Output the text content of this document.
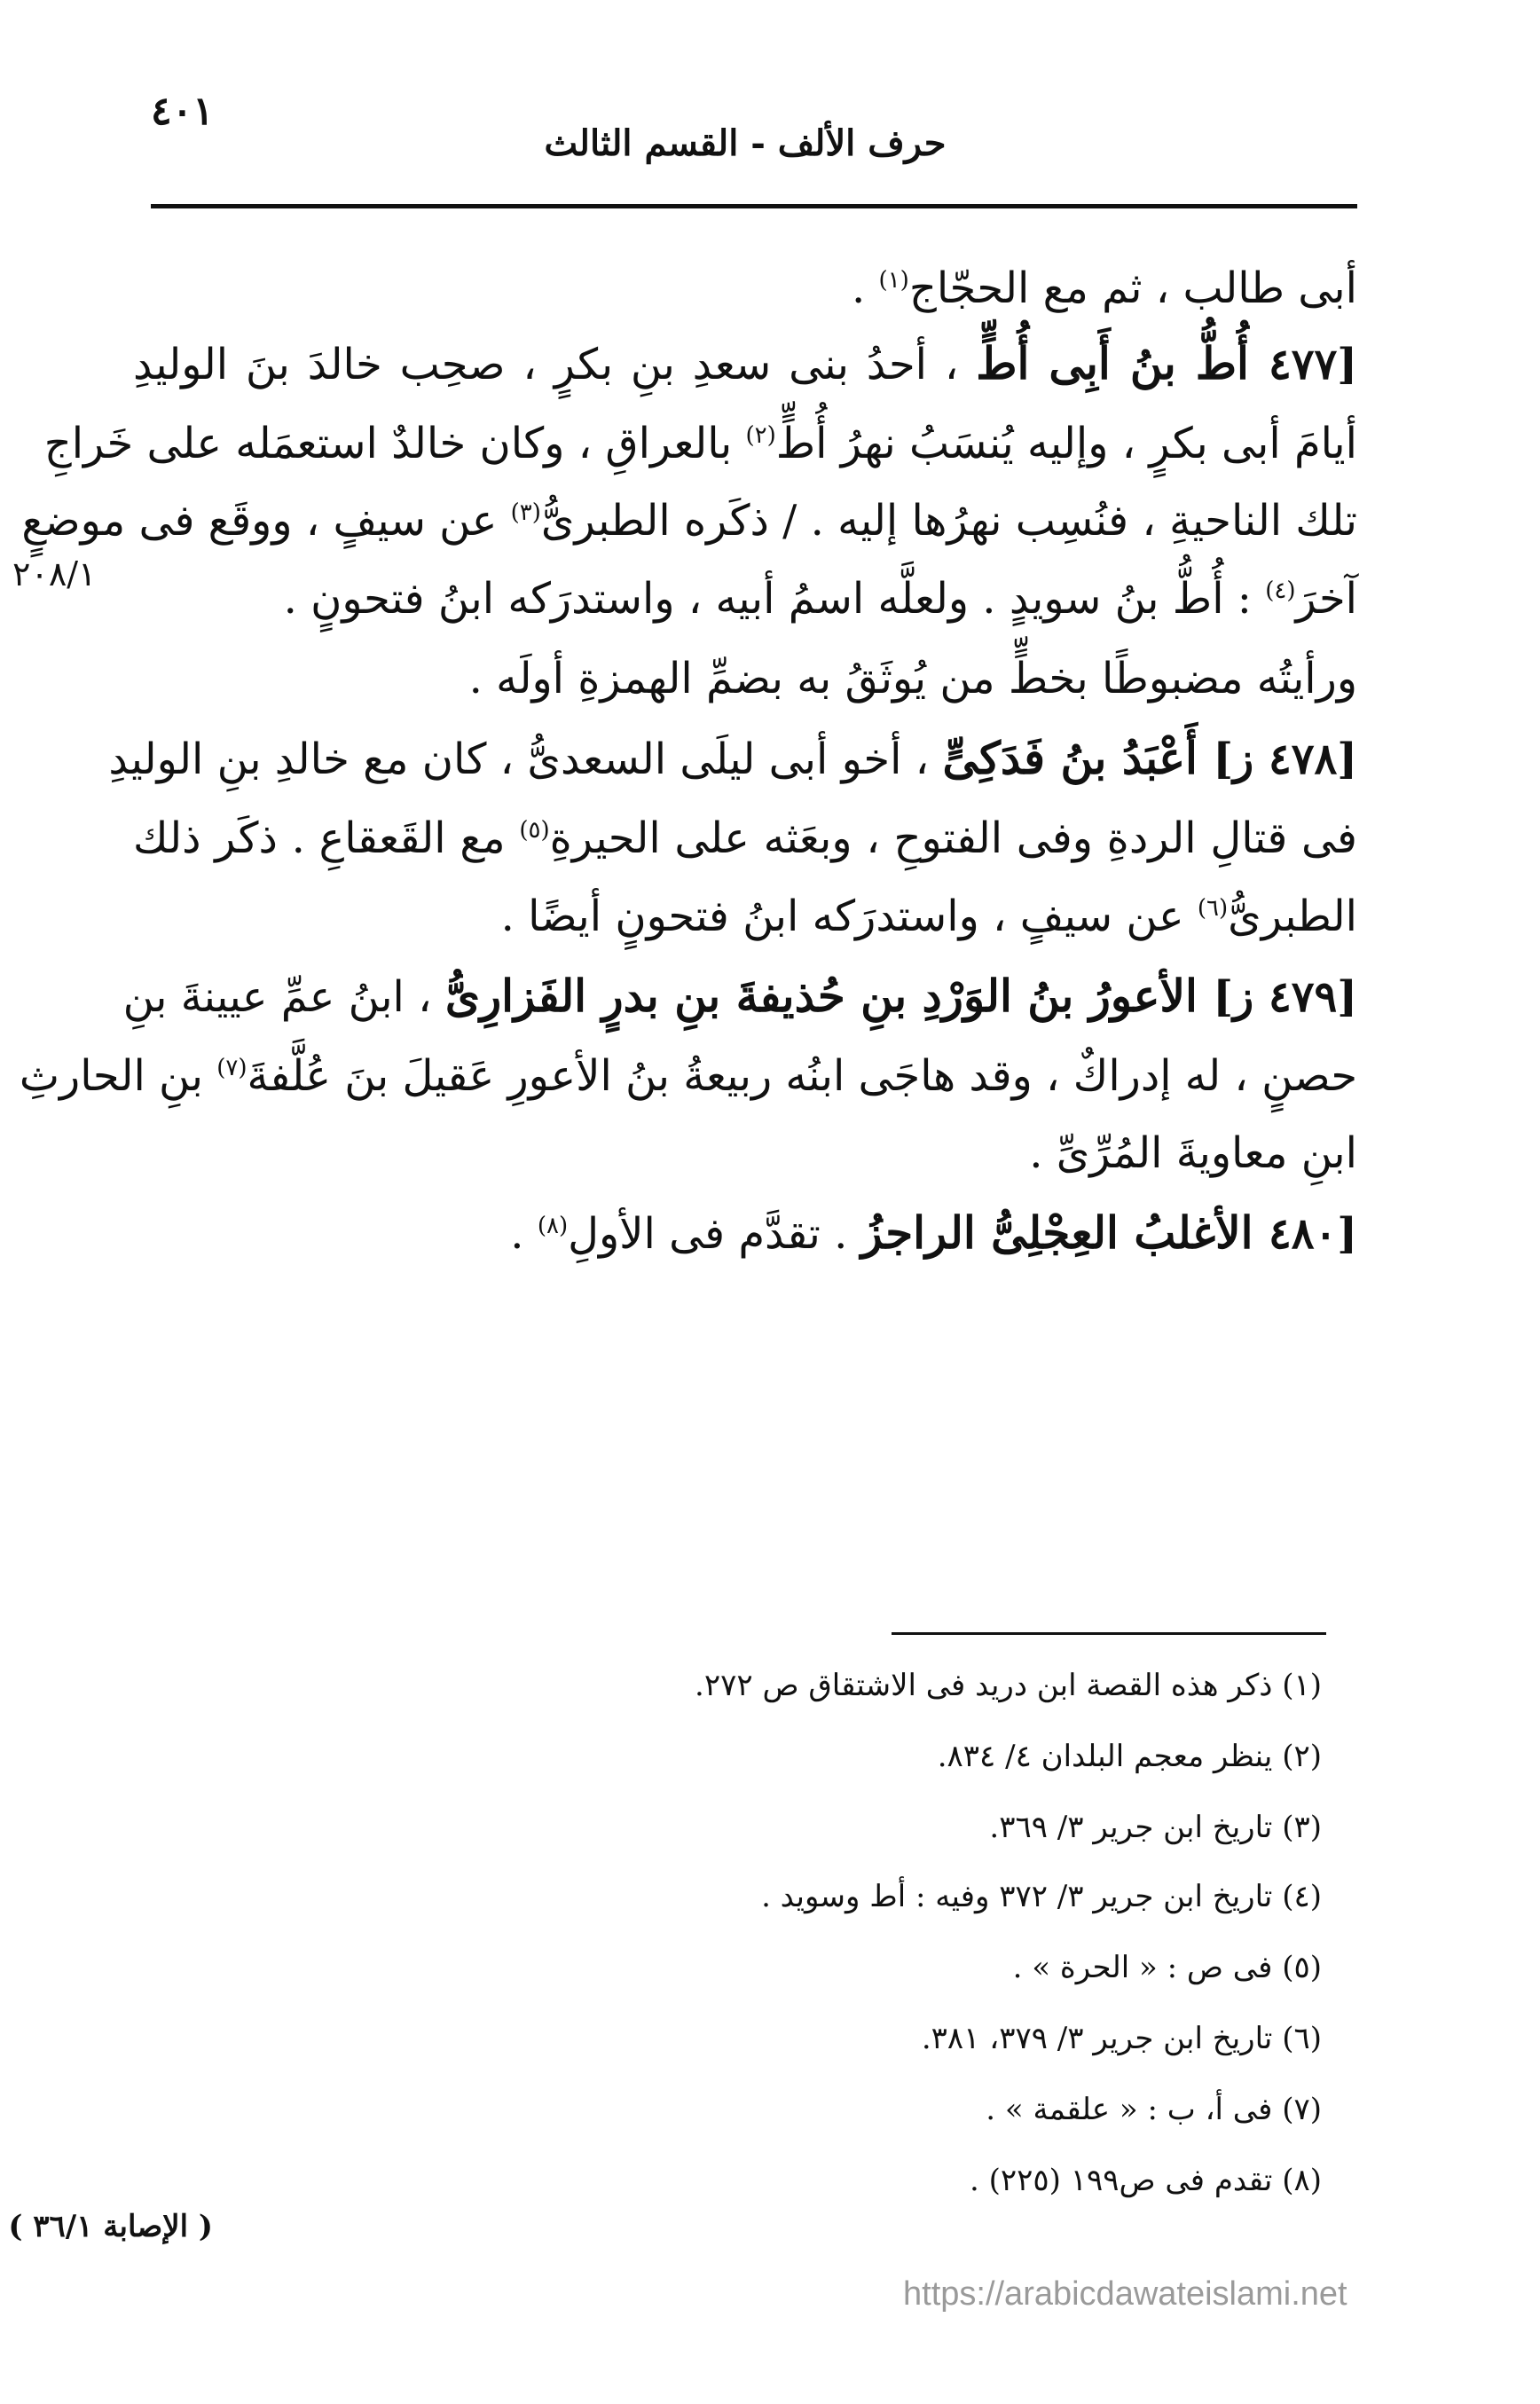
٤٠١
حرف الألف - القسم الثالث
٢٠٨/١
أبى طالب ، ثم مع الحجّاج$^{(١)}$ .
[٤٧٧ أُطُّ بنُ أَبِى أُطٍّ ، أحدُ بنى سعدِ بنِ بكرٍ ، صحِب خالدَ بنَ الوليدِ
أيامَ أبى بكرٍ ، وإليه يُنسَبُ نهرُ أُطٍّ$^{(٢)}$ بالعراقِ ، وكان خالدٌ استعمَله على خَراجِ
تلك الناحيةِ ، فنُسِب نهرُها إليه . / ذكَره الطبرىُّ$^{(٣)}$ عن سيفٍ ، ووقَع فى موضعٍ
آخرَ$^{(٤)}$ : أُطُّ بنُ سويدٍ . ولعلَّه اسمُ أبيه ، واستدرَكه ابنُ فتحونٍ .
ورأيتُه مضبوطًا بخطٍّ من يُوثَقُ به بضمِّ الهمزةِ أولَه .
[٤٧٨ ز] أَعْبَدُ بنُ فَدَكِىٍّ ، أخو أبى ليلَى السعدىُّ ، كان مع خالدِ بنِ الوليدِ
فى قتالِ الردةِ وفى الفتوحِ ، وبعَثه على الحيرةِ$^{(٥)}$ مع القَعقاعِ . ذكَر ذلك
الطبرىُّ$^{(٦)}$ عن سيفٍ ، واستدرَكه ابنُ فتحونٍ أيضًا .
[٤٧٩ ز] الأعورُ بنُ الوَرْدِ بنِ حُذيفةَ بنِ بدرٍ الفَزارِىُّ ، ابنُ عمِّ عيينةَ بنِ
حصنٍ ، له إدراكٌ ، وقد هاجَى ابنُه ربيعةُ بنُ الأعورِ عَقيلَ بنَ عُلَّفةَ$^{(٧)}$ بنِ الحارثِ
ابنِ معاويةَ المُرِّىِّ .
[٤٨٠ الأغلبُ العِجْلِىُّ الراجزُ . تقدَّم فى الأولِ$^{(٨)}$ .
(١) ذكر هذه القصة ابن دريد فى الاشتقاق ص ٢٧٢.
(٢) ينظر معجم البلدان ٤/ ٨٣٤.
(٣) تاريخ ابن جرير ٣/ ٣٦٩.
(٤) تاريخ ابن جرير ٣/ ٣٧٢ وفيه : أط وسويد .
(٥) فى ص : « الحرة » .
(٦) تاريخ ابن جرير ٣/ ٣٧٩، ٣٨١.
(٧) فى أ، ب : « علقمة » .
(٨) تقدم فى ص١٩٩ (٢٢٥) .
( الإصابة ٣٦/١ )
https://arabicdawateislami.net
